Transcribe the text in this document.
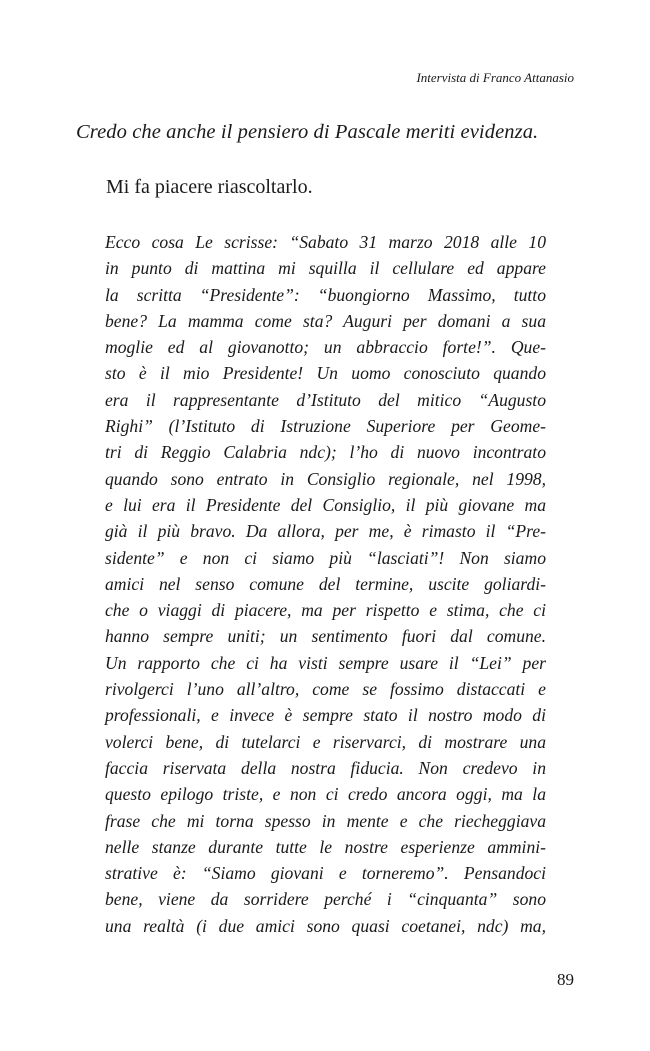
Intervista di Franco Attanasio
Credo che anche il pensiero di Pascale meriti evidenza.
Mi fa piacere riascoltarlo.
Ecco cosa Le scrisse: “Sabato 31 marzo 2018 alle 10
in punto di mattina mi squilla il cellulare ed appare
la scritta “Presidente”: “buongiorno Massimo, tutto
bene? La mamma come sta? Auguri per domani a sua
moglie ed al giovanotto; un abbraccio forte!”. Que-
sto è il mio Presidente! Un uomo conosciuto quando
era il rappresentante d’Istituto del mitico “Augusto
Righi” (l’Istituto di Istruzione Superiore per Geome-
tri di Reggio Calabria ndc); l’ho di nuovo incontrato
quando sono entrato in Consiglio regionale, nel 1998,
e lui era il Presidente del Consiglio, il più giovane ma
già il più bravo. Da allora, per me, è rimasto il “Pre-
sidente” e non ci siamo più “lasciati”! Non siamo
amici nel senso comune del termine, uscite goliardi-
che o viaggi di piacere, ma per rispetto e stima, che ci
hanno sempre uniti; un sentimento fuori dal comune.
Un rapporto che ci ha visti sempre usare il “Lei” per
rivolgerci l’uno all’altro, come se fossimo distaccati e
professionali, e invece è sempre stato il nostro modo di
volerci bene, di tutelarci e riservarci, di mostrare una
faccia riservata della nostra fiducia. Non credevo in
questo epilogo triste, e non ci credo ancora oggi, ma la
frase che mi torna spesso in mente e che riecheggiava
nelle stanze durante tutte le nostre esperienze ammini-
strative è: “Siamo giovani e torneremo”. Pensandoci
bene, viene da sorridere perché i “cinquanta” sono
una realtà (i due amici sono quasi coetanei, ndc) ma,
89
